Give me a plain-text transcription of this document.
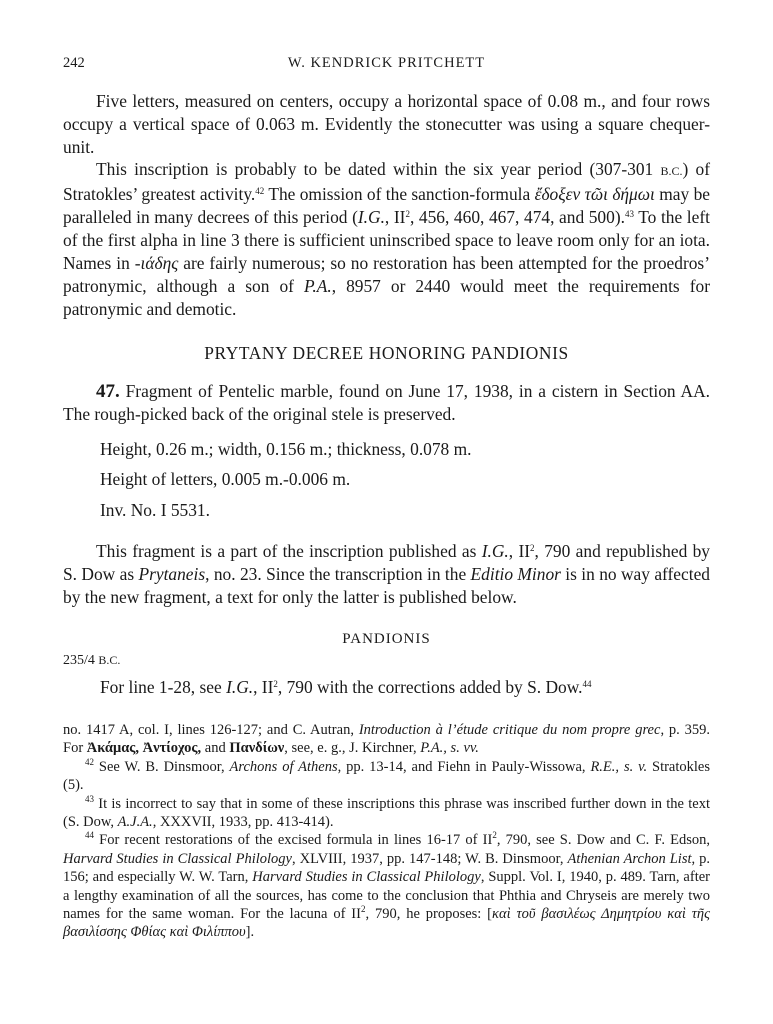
242	W. KENDRICK PRITCHETT

Five letters, measured on centers, occupy a horizontal space of 0.08 m., and four rows occupy a vertical space of 0.063 m. Evidently the stonecutter was using a square chequer-unit.

This inscription is probably to be dated within the six year period (307-301 B.C.) of Stratokles’ greatest activity.$^{42}$ The omission of the sanction-formula ἔδοξεν τῶι δήμωι may be paralleled in many decrees of this period (I.G., $II^2$, 456, 460, 467, 474, and 500).$^{43}$ To the left of the first alpha in line 3 there is sufficient uninscribed space to leave room only for an iota. Names in -ιάδης are fairly numerous; so no restoration has been attempted for the proedros’ patronymic, although a son of P.A., 8957 or 2440 would meet the requirements for patronymic and demotic.

PRYTANY DECREE HONORING PANDIONIS

47. Fragment of Pentelic marble, found on June 17, 1938, in a cistern in Section AA. The rough-picked back of the original stele is preserved.

Height, 0.26 m.; width, 0.156 m.; thickness, 0.078 m.
Height of letters, 0.005 m.-0.006 m.
Inv. No. I 5531.

This fragment is a part of the inscription published as I.G., $II^2$, 790 and republished by S. Dow as Prytaneis, no. 23. Since the transcription in the Editio Minor is in no way affected by the new fragment, a text for only the latter is published below.

PANDIONIS
235/4 B.C.
For line 1-28, see I.G., $II^2$, 790 with the corrections added by S. Dow.$^{44}$

no. 1417 A, col. I, lines 126-127; and C. Autran, Introduction à l’étude critique du nom propre grec, p. 359. For Ἀκάμας, Ἀντίοχος, and Πανδίων, see, e. g., J. Kirchner, P.A., s. vv.

$^{42}$ See W. B. Dinsmoor, Archons of Athens, pp. 13-14, and Fiehn in Pauly-Wissowa, R.E., s. v. Stratokles (5).

$^{43}$ It is incorrect to say that in some of these inscriptions this phrase was inscribed further down in the text (S. Dow, A.J.A., XXXVII, 1933, pp. 413-414).

$^{44}$ For recent restorations of the excised formula in lines 16-17 of $II^2$, 790, see S. Dow and C. F. Edson, Harvard Studies in Classical Philology, XLVIII, 1937, pp. 147-148; W. B. Dinsmoor, Athenian Archon List, p. 156; and especially W. W. Tarn, Harvard Studies in Classical Philology, Suppl. Vol. I, 1940, p. 489. Tarn, after a lengthy examination of all the sources, has come to the conclusion that Phthia and Chryseis are merely two names for the same woman. For the lacuna of $II^2$, 790, he proposes: [καὶ τοῦ βασιλέως Δημητρίου καὶ τῆς βασιλίσσης Φθίας καὶ Φιλίππου].
